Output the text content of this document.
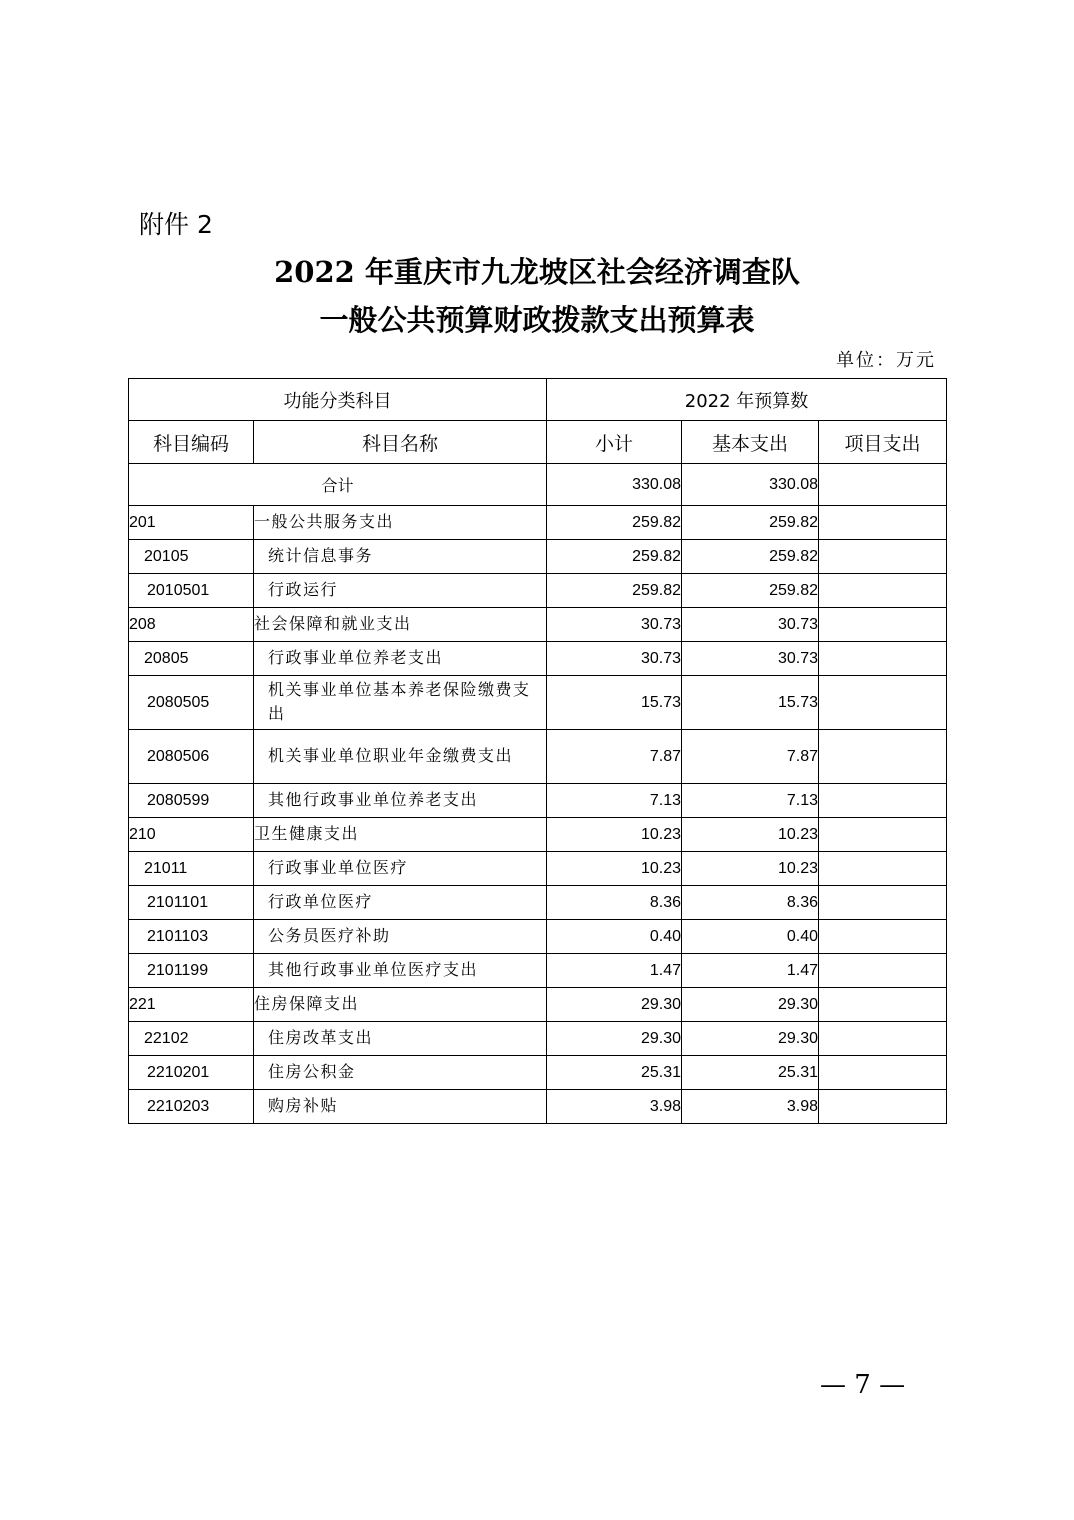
附件 2
2022 年重庆市九龙坡区社会经济调查队
一般公共预算财政拨款支出预算表
单位：万元
功能分类科目		2022 年预算数		
科目编码	科目名称	小计	基本支出	项目支出
合计		330.08	330.08	
201	一般公共服务支出	259.82	259.82	
20105	统计信息事务	259.82	259.82	
2010501	行政运行	259.82	259.82	
208	社会保障和就业支出	30.73	30.73	
20805	行政事业单位养老支出	30.73	30.73	
2080505	机关事业单位基本养老保险缴费支出	15.73	15.73	
2080506	机关事业单位职业年金缴费支出	7.87	7.87	
2080599	其他行政事业单位养老支出	7.13	7.13	
210	卫生健康支出	10.23	10.23	
21011	行政事业单位医疗	10.23	10.23	
2101101	行政单位医疗	8.36	8.36	
2101103	公务员医疗补助	0.40	0.40	
2101199	其他行政事业单位医疗支出	1.47	1.47	
221	住房保障支出	29.30	29.30	
22102	住房改革支出	29.30	29.30	
2210201	住房公积金	25.31	25.31	
2210203	购房补贴	3.98	3.98	
— 7 —
